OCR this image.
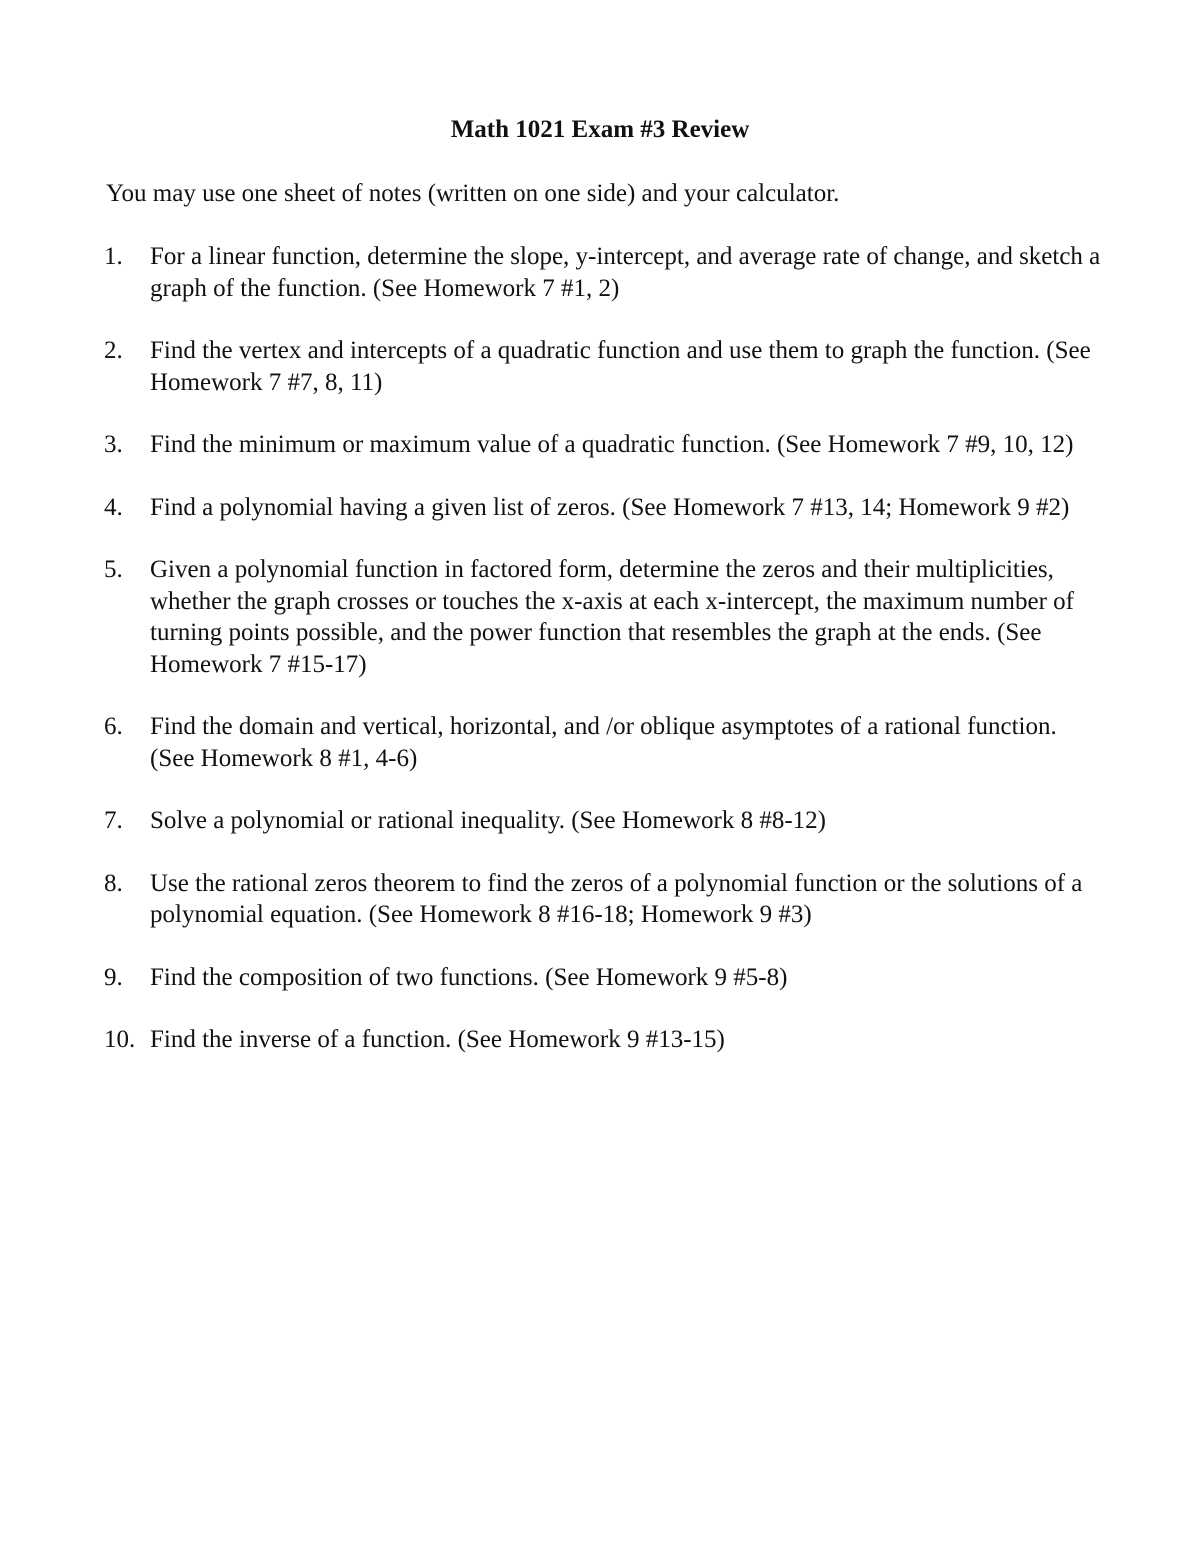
Math 1021 Exam #3 Review
You may use one sheet of notes (written on one side) and your calculator.
1. For a linear function, determine the slope, y-intercept, and average rate of change, and sketch a graph of the function. (See Homework 7 #1, 2)
2. Find the vertex and intercepts of a quadratic function and use them to graph the function. (See Homework 7 #7, 8, 11)
3. Find the minimum or maximum value of a quadratic function. (See Homework 7 #9, 10, 12)
4. Find a polynomial having a given list of zeros. (See Homework 7 #13, 14; Homework 9 #2)
5. Given a polynomial function in factored form, determine the zeros and their multiplicities, whether the graph crosses or touches the x-axis at each x-intercept, the maximum number of turning points possible, and the power function that resembles the graph at the ends. (See Homework 7 #15-17)
6. Find the domain and vertical, horizontal, and /or oblique asymptotes of a rational function. (See Homework 8 #1, 4-6)
7. Solve a polynomial or rational inequality. (See Homework 8 #8-12)
8. Use the rational zeros theorem to find the zeros of a polynomial function or the solutions of a polynomial equation. (See Homework 8 #16-18; Homework 9 #3)
9. Find the composition of two functions. (See Homework 9 #5-8)
10. Find the inverse of a function. (See Homework 9 #13-15)
